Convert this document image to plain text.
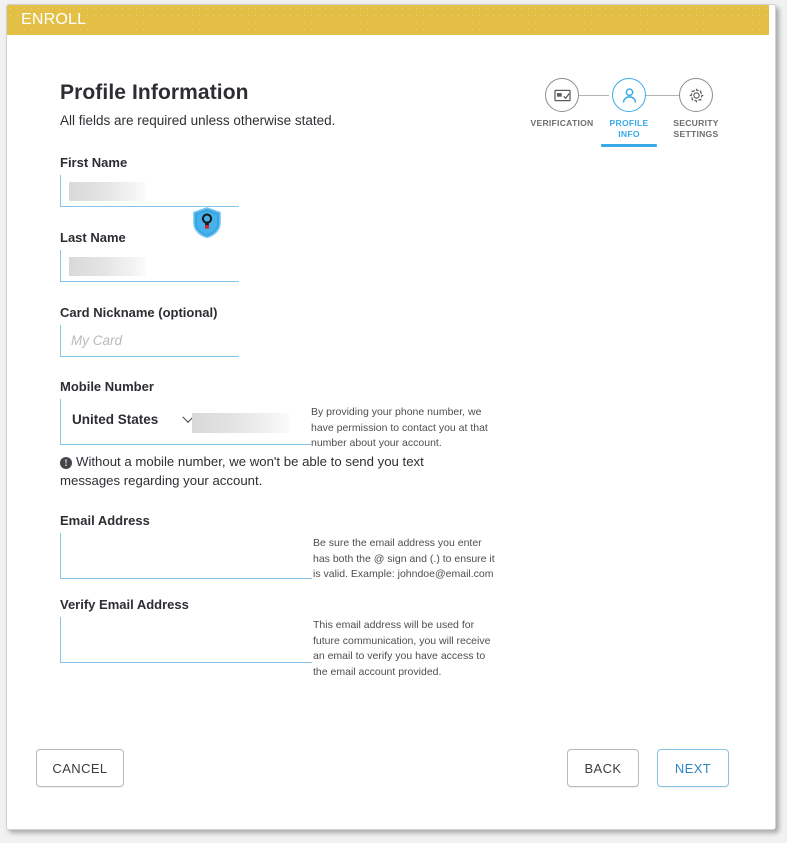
ENROLL
Profile Information
All fields are required unless otherwise stated.	VERIFICATION	PROFILE INFO
SECURITY
SETTINGS
First Name
Last Name
Card Nickname (optional)
My Card
Mobile Number
United States	By providing your phone number, we have permission to contact you at that number about your account.
! Without a mobile number, we won't be able to send you text messages regarding your account.
Email Address
Be sure the email address you enter has both the @ sign and (.) to ensure it is valid. Example: johndoe@email.com
Verify Email Address
This email address will be used for future communication, you will receive an email to verify you have access to the email account provided.
CANCEL	BACK	NEXT
